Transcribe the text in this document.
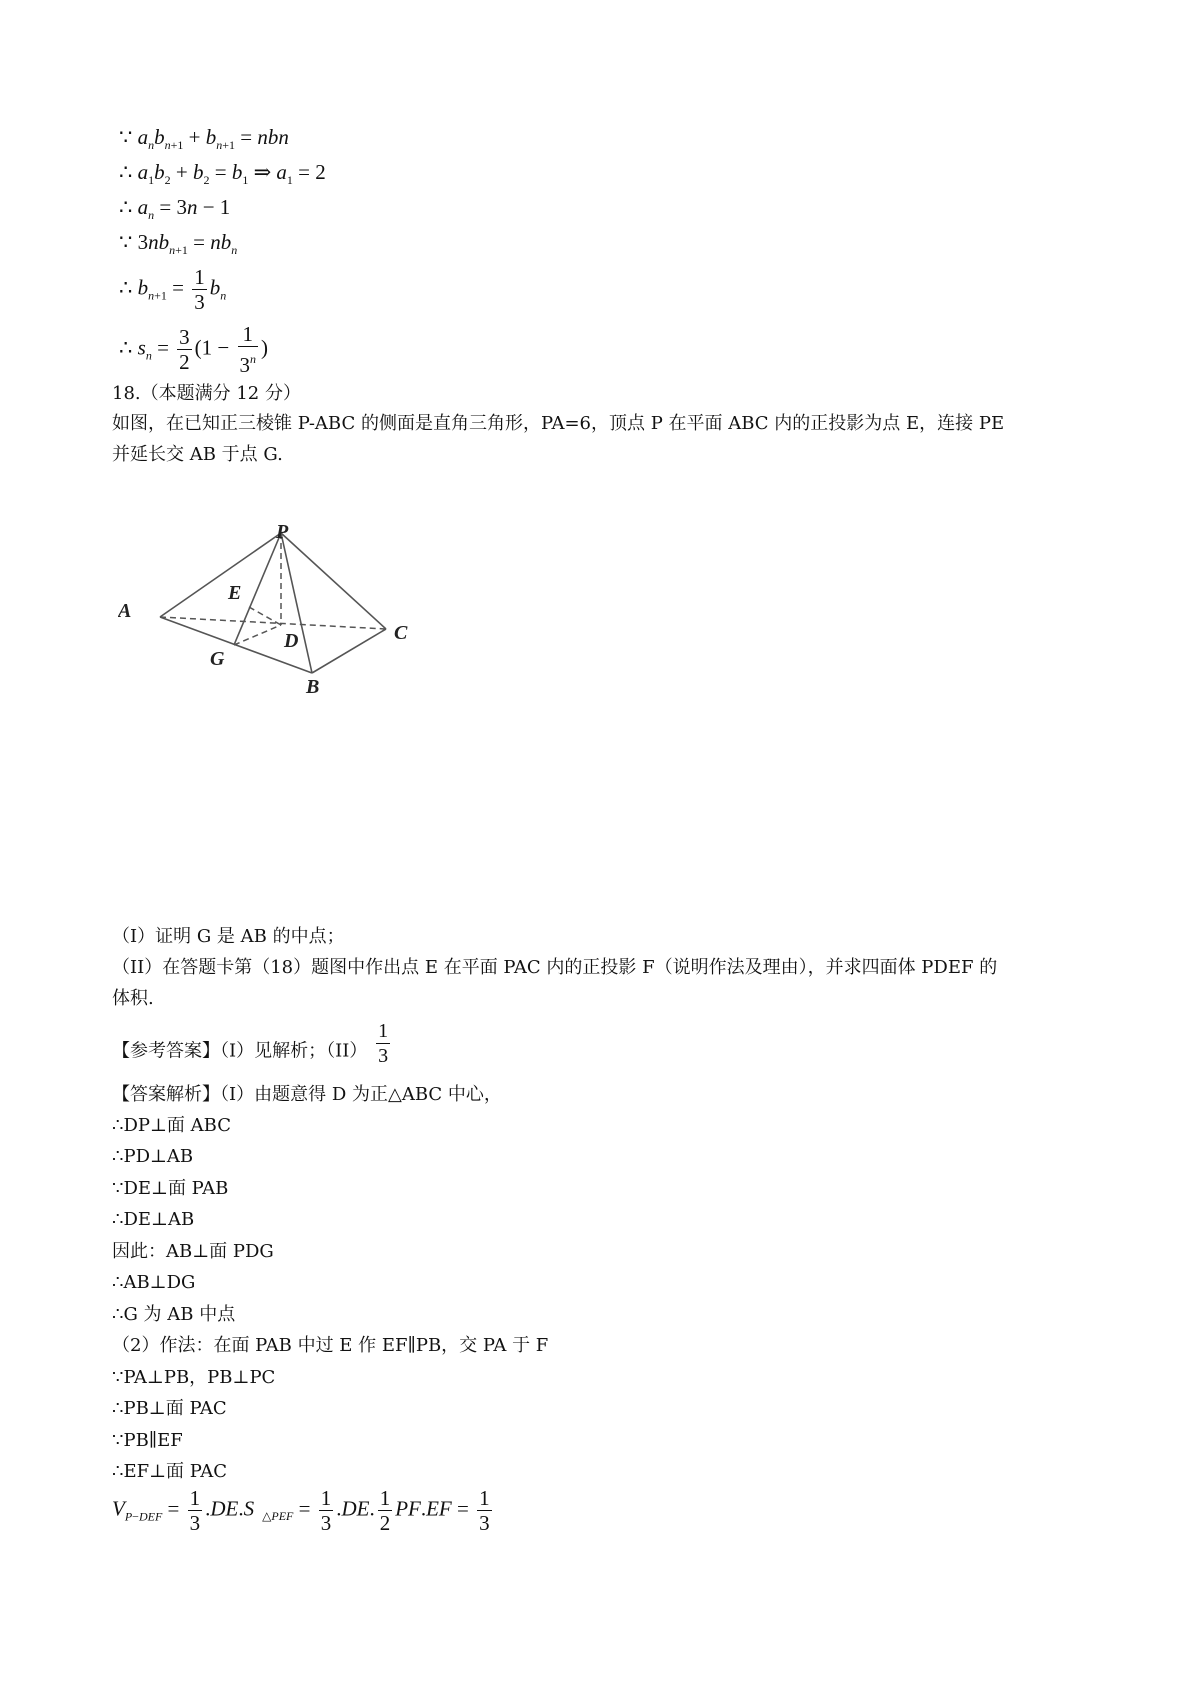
∵ $a_nb_{n+1} + b_{n+1}$ = nbn
∴ $a_1b_2 + b_2 = b_1$ ⇒ $a_1 = 2$
∴ $a_n = 3n - 1$
∵ $3nb_{n+1} = nb_n$
∴ $b_{n+1} = \frac{1}{3} b_n$
∴ $s_n = \frac{3}{2} (1 - \frac{1}{3^n}$ )
18.（本题满分 12 分）
如图，在已知正三棱锥 P-ABC 的侧面是直角三角形，PA=6，顶点 P 在平面 ABC 内的正投影为点 E，连接 PE
并延长交 AB 于点 G.
P
A
C
E
D
G
B
（I）证明 G 是 AB 的中点；
（II）在答题卡第（18）题图中作出点 E 在平面 PAC 内的正投影 F（说明作法及理由），并求四面体 PDEF 的
体积.
【参考答案】（I）见解析；$(II) \frac{1}{3}$
【答案解析】（I）由题意得 D 为正△ABC 中心，
∴DP⊥面 ABC
∴PD⊥AB
∵DE⊥面 PAB
∴DE⊥AB
因此：AB⊥面 PDG
∴AB⊥DG
∴G 为 AB 中点
（2）作法：在面 PAB 中过 E 作 EF∥PB，交 PA 于 F
∵PA⊥PB，PB⊥PC
∴PB⊥面 PAC
∵PB∥EF
∴EF⊥面 PAC
$V_{P-DEF} = \frac{1}{3} .DE.S$ $_{\triangle PEF} = \frac{1}{3} .DE$. $\frac{1}{2} PF.EF = \frac{1}{3}$
